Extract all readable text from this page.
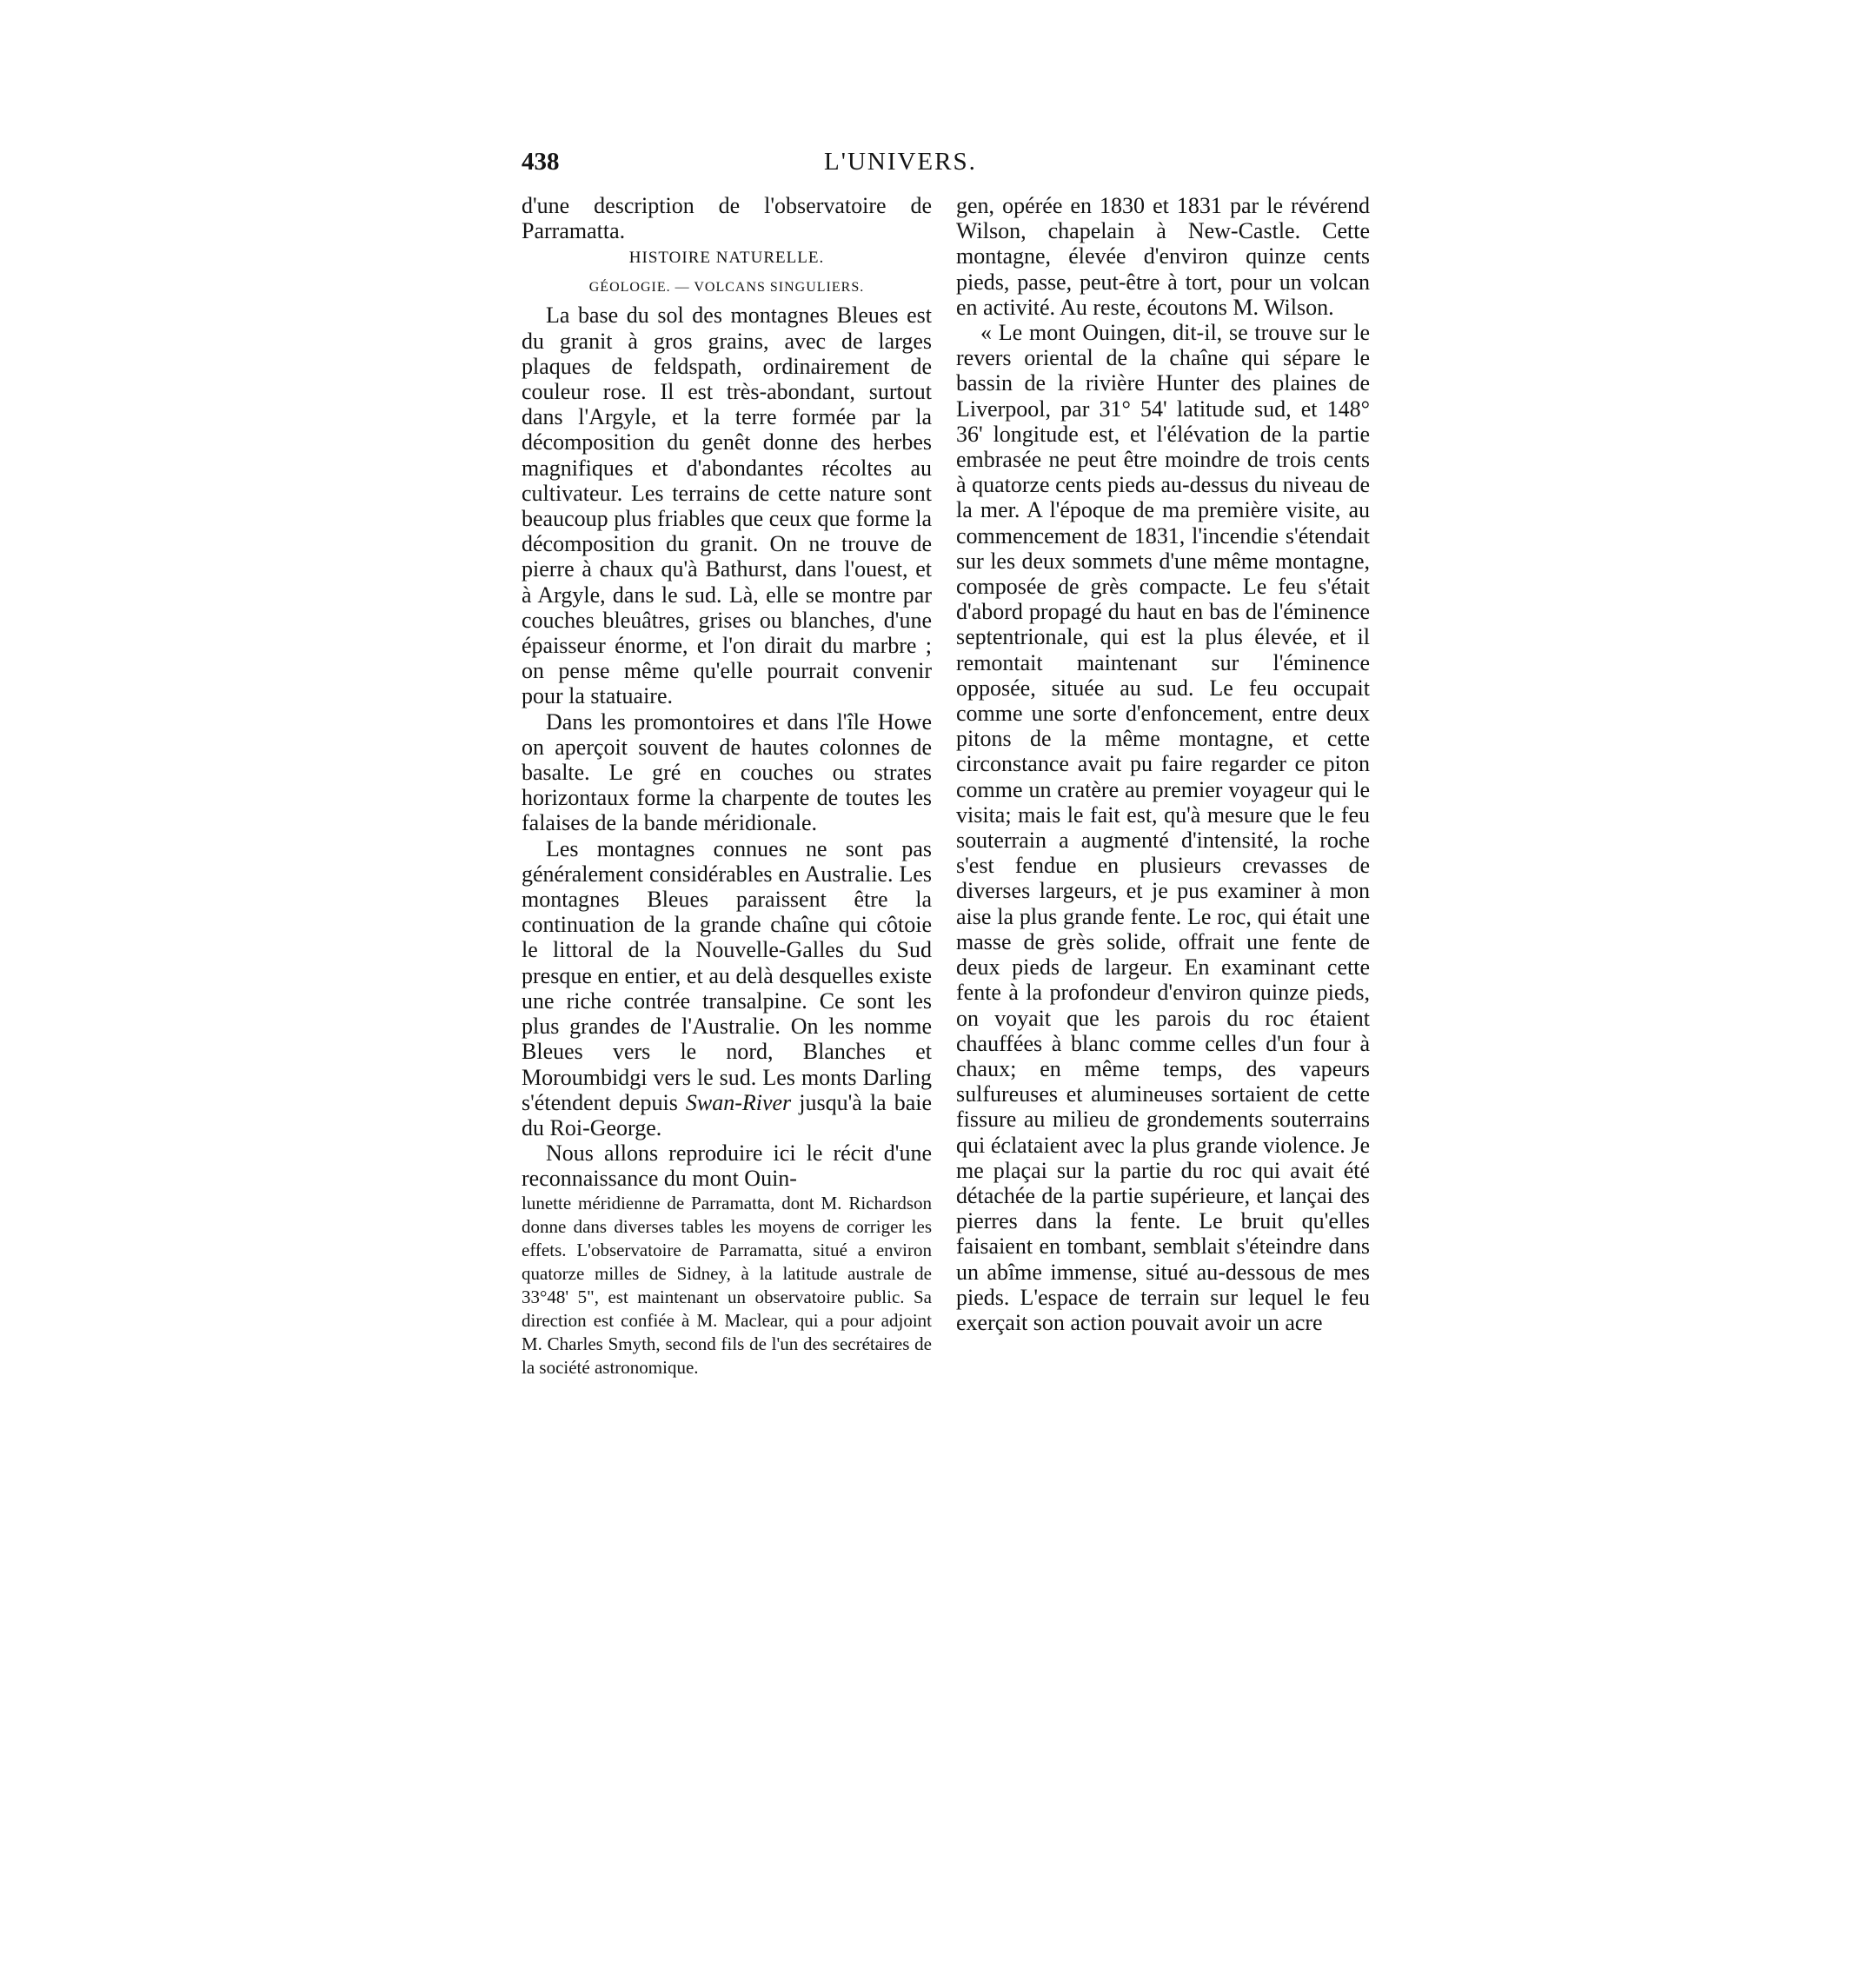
438	L'UNIVERS.

d'une description de l'observatoire de Parramatta.

HISTOIRE NATURELLE.

GÉOLOGIE. — VOLCANS SINGULIERS.

La base du sol des montagnes Bleues est du granit à gros grains, avec de larges plaques de feldspath, ordinairement de couleur rose. Il est très-abondant, surtout dans l'Argyle, et la terre formée par la décomposition du genêt donne des herbes magnifiques et d'abondantes récoltes au cultivateur. Les terrains de cette nature sont beaucoup plus friables que ceux que forme la décomposition du granit. On ne trouve de pierre à chaux qu'à Bathurst, dans l'ouest, et à Argyle, dans le sud. Là, elle se montre par couches bleuâtres, grises ou blanches, d'une épaisseur énorme, et l'on dirait du marbre ; on pense même qu'elle pourrait convenir pour la statuaire.

Dans les promontoires et dans l'île Howe on aperçoit souvent de hautes colonnes de basalte. Le gré en couches ou strates horizontaux forme la charpente de toutes les falaises de la bande méridionale.

Les montagnes connues ne sont pas généralement considérables en Australie. Les montagnes Bleues paraissent être la continuation de la grande chaîne qui côtoie le littoral de la Nouvelle-Galles du Sud presque en entier, et au delà desquelles existe une riche contrée transalpine. Ce sont les plus grandes de l'Australie. On les nomme Bleues vers le nord, Blanches et Moroumbidgi vers le sud. Les monts Darling s'étendent depuis Swan-River jusqu'à la baie du Roi-George.

Nous allons reproduire ici le récit d'une reconnaissance du mont Ouin-

lunette méridienne de Parramatta, dont M. Richardson donne dans diverses tables les moyens de corriger les effets. L'observatoire de Parramatta, situé a environ quatorze milles de Sidney, à la latitude australe de 33°48' 5", est maintenant un observatoire public. Sa direction est confiée à M. Maclear, qui a pour adjoint M. Charles Smyth, second fils de l'un des secrétaires de la société astronomique.

gen, opérée en 1830 et 1831 par le révérend Wilson, chapelain à New-Castle. Cette montagne, élevée d'environ quinze cents pieds, passe, peut-être à tort, pour un volcan en activité. Au reste, écoutons M. Wilson.

« Le mont Ouingen, dit-il, se trouve sur le revers oriental de la chaîne qui sépare le bassin de la rivière Hunter des plaines de Liverpool, par 31° 54' latitude sud, et 148° 36' longitude est, et l'élévation de la partie embrasée ne peut être moindre de trois cents à quatorze cents pieds au-dessus du niveau de la mer. A l'époque de ma première visite, au commencement de 1831, l'incendie s'étendait sur les deux sommets d'une même montagne, composée de grès compacte. Le feu s'était d'abord propagé du haut en bas de l'éminence septentrionale, qui est la plus élevée, et il remontait maintenant sur l'éminence opposée, située au sud. Le feu occupait comme une sorte d'enfoncement, entre deux pitons de la même montagne, et cette circonstance avait pu faire regarder ce piton comme un cratère au premier voyageur qui le visita; mais le fait est, qu'à mesure que le feu souterrain a augmenté d'intensité, la roche s'est fendue en plusieurs crevasses de diverses largeurs, et je pus examiner à mon aise la plus grande fente. Le roc, qui était une masse de grès solide, offrait une fente de deux pieds de largeur. En examinant cette fente à la profondeur d'environ quinze pieds, on voyait que les parois du roc étaient chauffées à blanc comme celles d'un four à chaux; en même temps, des vapeurs sulfureuses et alumineuses sortaient de cette fissure au milieu de grondements souterrains qui éclataient avec la plus grande violence. Je me plaçai sur la partie du roc qui avait été détachée de la partie supérieure, et lançai des pierres dans la fente. Le bruit qu'elles faisaient en tombant, semblait s'éteindre dans un abîme immense, situé au-dessous de mes pieds. L'espace de terrain sur lequel le feu exerçait son action pouvait avoir un acre
